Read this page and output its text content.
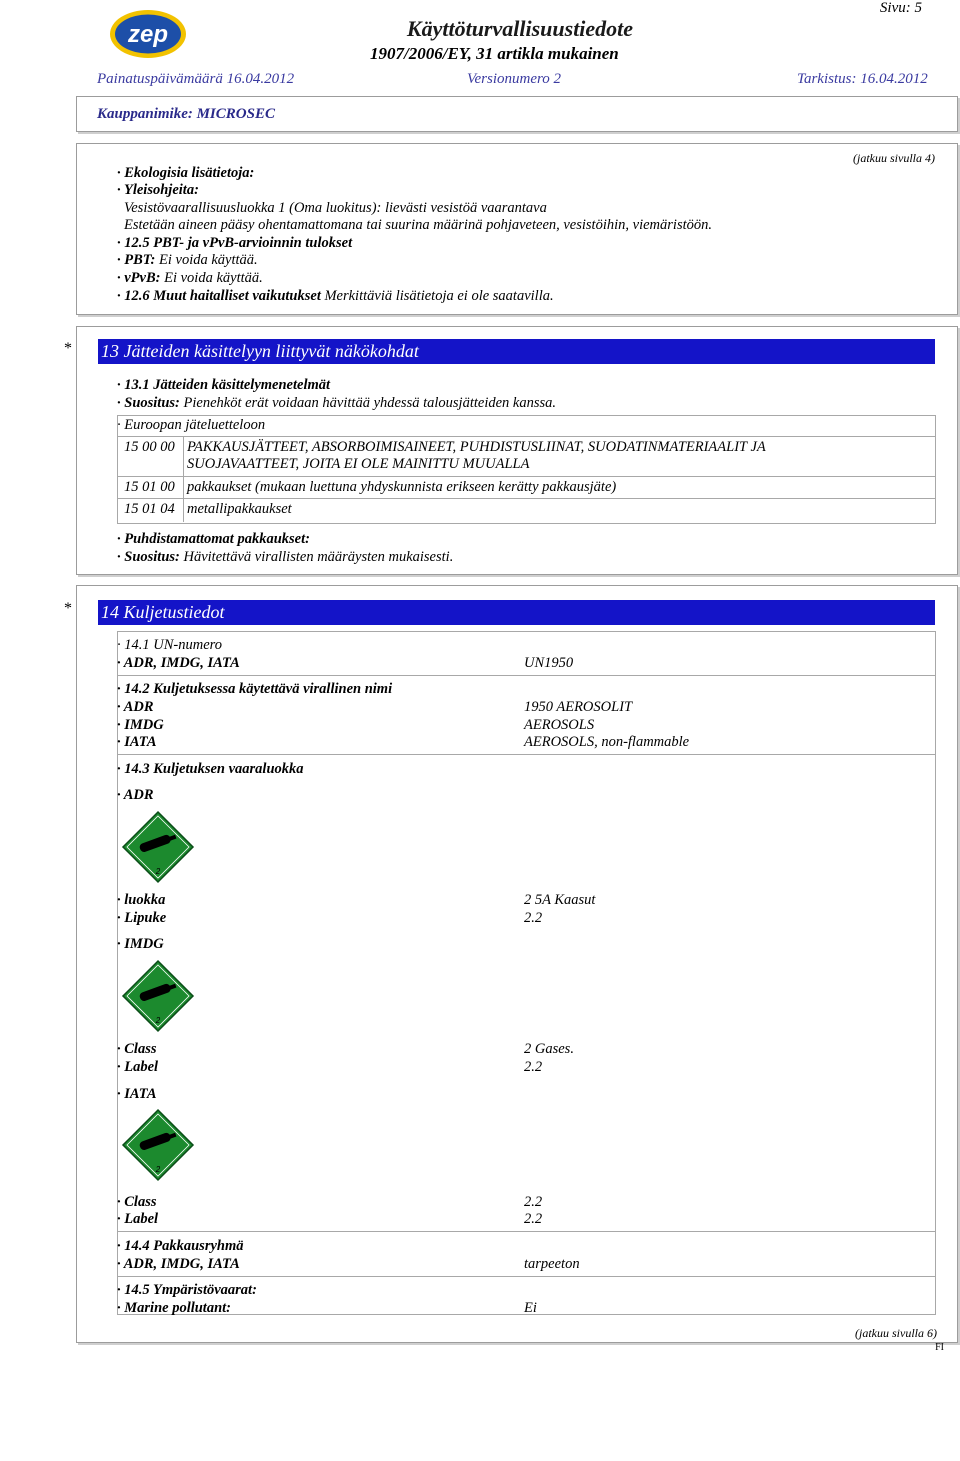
zep	Käyttöturvallisuustiedote
1907/2006/EY, 31 artikla mukainen
Sivu: 5
Painatuspäivämäärä 16.04.2012	Versionumero 2	Tarkistus: 16.04.2012
Kauppanimike: MICROSEC
(jatkuu sivulla 4)
· Ekologisia lisätietoja:
· Yleisohjeita:
Vesistövaarallisuusluokka 1 (Oma luokitus): lievästi vesistöä vaarantava
Estetään aineen pääsy ohentamattomana tai suurina määrinä pohjaveteen, vesistöihin, viemäristöön.
· 12.5 PBT- ja vPvB-arvioinnin tulokset
· PBT: Ei voida käyttää.
· vPvB: Ei voida käyttää.
· 12.6 Muut haitalliset vaikutukset Merkittäviä lisätietoja ei ole saatavilla.
* 13 Jätteiden käsittelyyn liittyvät näkökohdat
· 13.1 Jätteiden käsittelymenetelmät
· Suositus: Pienehköt erät voidaan hävittää yhdessä talousjätteiden kanssa.
· Euroopan jäteluetteloon
15 00 00 PAKKAUSJÄTTEET, ABSORBOIMISAINEET, PUHDISTUSLIINAT, SUODATINMATERIAALIT JA
SUOJAVAATTEET, JOITA EI OLE MAINITTU MUUALLA
15 01 00 pakkaukset (mukaan luettuna yhdyskunnista erikseen kerätty pakkausjäte)
15 01 04 metallipakkaukset
· Puhdistamattomat pakkaukset:
· Suositus: Hävitettävä virallisten määräysten mukaisesti.
* 14 Kuljetustiedot
· 14.1 UN-numero
· ADR, IMDG, IATA	UN1950
· 14.2 Kuljetuksessa käytettävä virallinen nimi
· ADR	1950 AEROSOLIT
· IMDG	AEROSOLS
· IATA	AEROSOLS, non-flammable
· 14.3 Kuljetuksen vaaraluokka
· ADR
2
· luokka	2 5A Kaasut
· Lipuke	2.2
· IMDG
2
· Class	2 Gases.
· Label	2.2
· IATA
2
· Class	2.2
· Label	2.2
· 14.4 Pakkausryhmä
· ADR, IMDG, IATA	tarpeeton
· 14.5 Ympäristövaarat:
· Marine pollutant:	Ei
(jatkuu sivulla 6)
FI
